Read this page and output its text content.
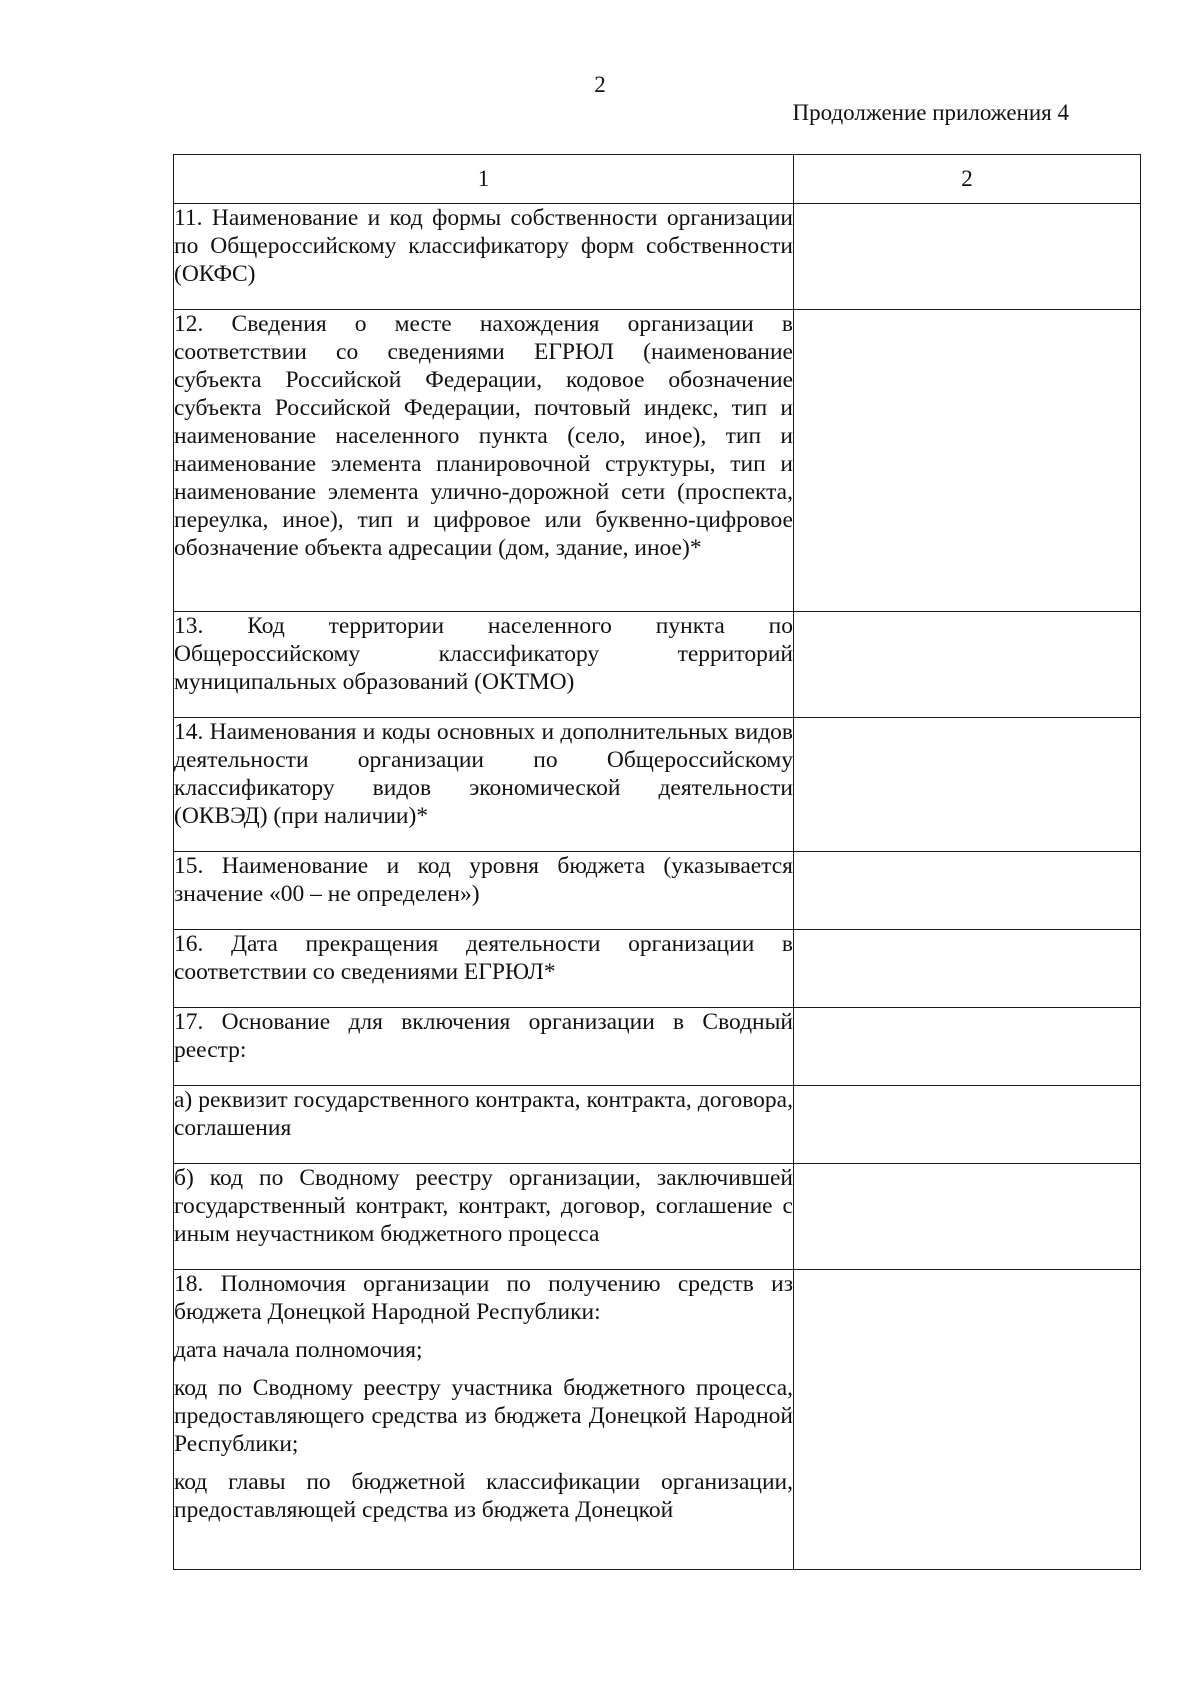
2
Продолжение приложения 4
1	2

11. Наименование и код формы собственности организации по Общероссийскому классификатору форм собственности (ОКФС)	

12. Сведения о месте нахождения организации в соответствии со сведениями ЕГРЮЛ (наименование субъекта Российской Федерации, кодовое обозначение субъекта Российской Федерации, почтовый индекс, тип и наименование населенного пункта (село, иное), тип и наименование элемента планировочной структуры, тип и наименование элемента улично-дорожной сети (проспекта, переулка, иное), тип и цифровое или буквенно-цифровое обозначение объекта адресации (дом, здание, иное)*	

13. Код территории населенного пункта по Общероссийскому классификатору территорий муниципальных образований (ОКТМО)	

14. Наименования и коды основных и дополнительных видов деятельности организации по Общероссийскому классификатору видов экономической деятельности (ОКВЭД) (при наличии)*	

15. Наименование и код уровня бюджета (указывается значение «00 – не определен»)	

16. Дата прекращения деятельности организации в соответствии со сведениями ЕГРЮЛ*	

17. Основание для включения организации в Сводный реестр:	

а) реквизит государственного контракта, контракта, договора, соглашения	

б) код по Сводному реестру организации, заключившей государственный контракт, контракт, договор, соглашение с иным неучастником бюджетного процесса	

18. Полномочия организации по получению средств из бюджета Донецкой Народной Республики:

дата начала полномочия;

код по Сводному реестру участника бюджетного процесса, предоставляющего средства из бюджета Донецкой Народной Республики;

код главы по бюджетной классификации организации, предоставляющей средства из бюджета Донецкой	
